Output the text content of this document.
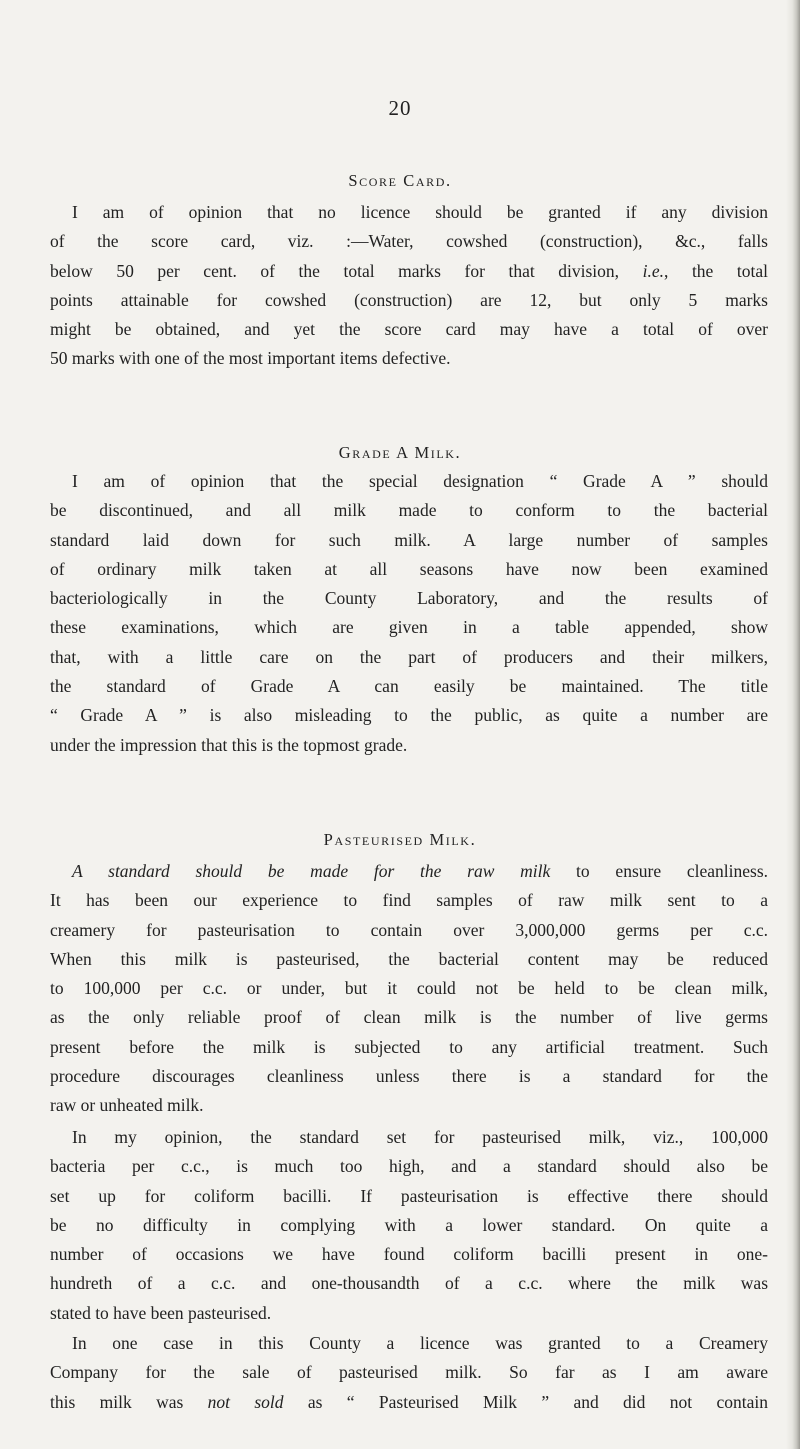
20
Score Card.
I am of opinion that no licence should be granted if any division
of the score card, viz. :—Water, cowshed (construction), &c., falls
below 50 per cent. of the total marks for that division, i.e., the total
points attainable for cowshed (construction) are 12, but only 5 marks
might be obtained, and yet the score card may have a total of over
50 marks with one of the most important items defective.
Grade A Milk.
I am of opinion that the special designation “ Grade A ” should
be discontinued, and all milk made to conform to the bacterial
standard laid down for such milk. A large number of samples
of ordinary milk taken at all seasons have now been examined
bacteriologically in the County Laboratory, and the results of
these examinations, which are given in a table appended, show
that, with a little care on the part of producers and their milkers,
the standard of Grade A can easily be maintained. The title
“ Grade A ” is also misleading to the public, as quite a number are
under the impression that this is the topmost grade.
Pasteurised Milk.
A standard should be made for the raw milk to ensure cleanliness.
It has been our experience to find samples of raw milk sent to a
creamery for pasteurisation to contain over 3,000,000 germs per c.c.
When this milk is pasteurised, the bacterial content may be reduced
to 100,000 per c.c. or under, but it could not be held to be clean milk,
as the only reliable proof of clean milk is the number of live germs
present before the milk is subjected to any artificial treatment. Such
procedure discourages cleanliness unless there is a standard for the
raw or unheated milk.
In my opinion, the standard set for pasteurised milk, viz., 100,000
bacteria per c.c., is much too high, and a standard should also be
set up for coliform bacilli. If pasteurisation is effective there should
be no difficulty in complying with a lower standard. On quite a
number of occasions we have found coliform bacilli present in one-
hundreth of a c.c. and one-thousandth of a c.c. where the milk was
stated to have been pasteurised.
In one case in this County a licence was granted to a Creamery
Company for the sale of pasteurised milk. So far as I am aware
this milk was not sold as “ Pasteurised Milk ” and did not contain
